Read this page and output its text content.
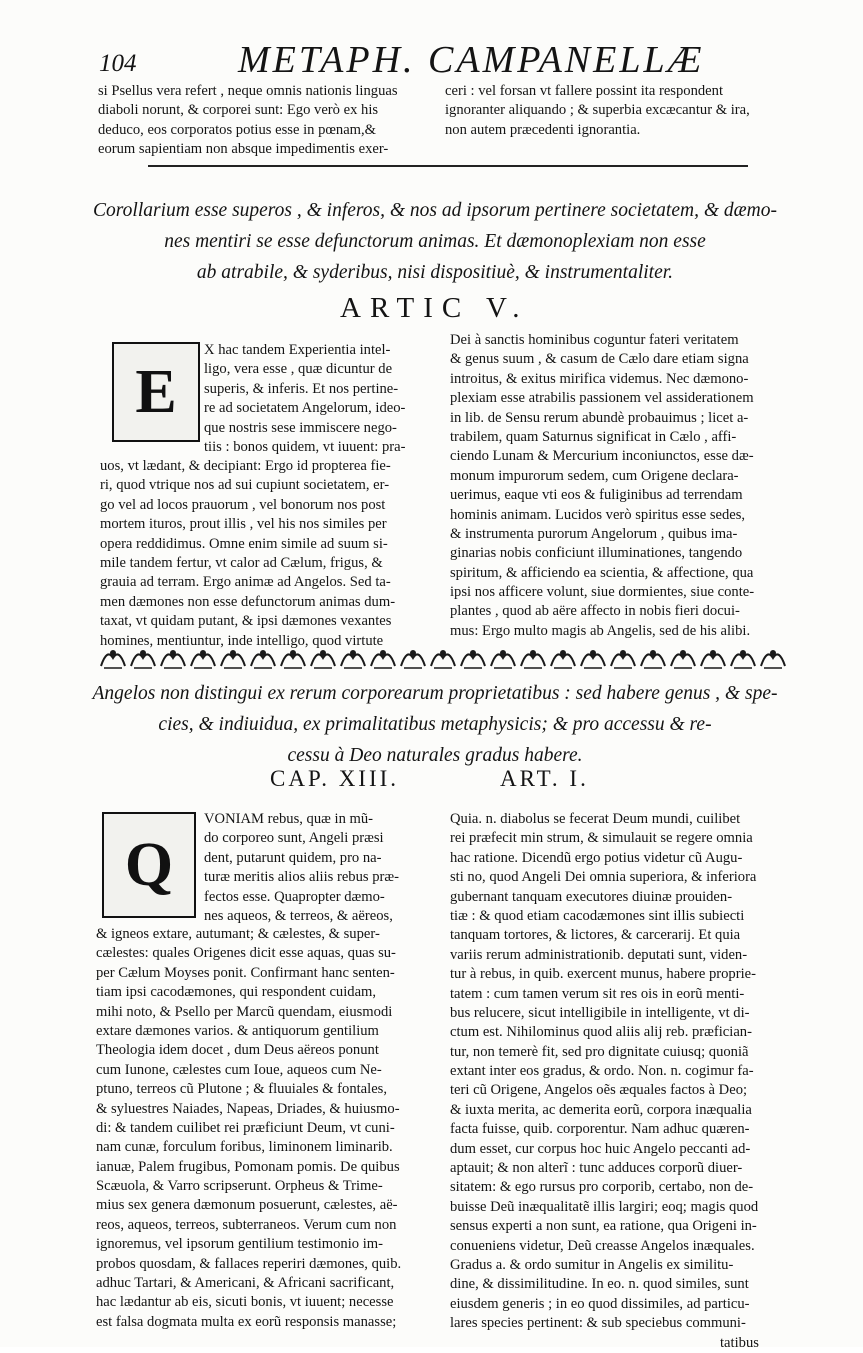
104	METAPH. CAMPANELLÆ
si Psellus vera refert , neque omnis nationis linguas
diaboli norunt, & corporei sunt: Ego verò ex his
deduco, eos corporatos potius esse in pœnam,&
eorum sapientiam non absque impedimentis exer-
ceri : vel forsan vt fallere possint ita respondent
ignoranter aliquando ; & superbia excæcantur & ira,
non autem præcedenti ignorantia.
Corollarium esse superos , & inferos, & nos ad ipsorum pertinere societatem, & dæmo-
nes mentiri se esse defunctorum animas. Et dæmonoplexiam non esse
ab atrabile, & syderibus, nisi dispositiuè, & instrumentaliter.
ARTIC V.
E
X hac tandem Experientia intel-
ligo, vera esse , quæ dicuntur de
superis, & inferis. Et nos pertine-
re ad societatem Angelorum, ideo-
que nostris sese immiscere nego-
tiis : bonos quidem, vt iuuent: pra-
uos, vt lædant, & decipiant: Ergo id propterea fie-
ri, quod vtrique nos ad sui cupiunt societatem, er-
go vel ad locos prauorum , vel bonorum nos post
mortem ituros, prout illis , vel his nos similes per
opera reddidimus. Omne enim simile ad suum si-
mile tandem fertur, vt calor ad Cælum, frigus, &
grauia ad terram. Ergo animæ ad Angelos. Sed ta-
men dæmones non esse defunctorum animas dum-
taxat, vt quidam putant, & ipsi dæmones vexantes
homines, mentiuntur, inde intelligo, quod virtute
Dei à sanctis hominibus coguntur fateri veritatem
& genus suum , & casum de Cælo dare etiam signa
introitus, & exitus mirifica videmus. Nec dæmono-
plexiam esse atrabilis passionem vel assiderationem
in lib. de Sensu rerum abundè probauimus ; licet a-
trabilem, quam Saturnus significat in Cælo , affi-
ciendo Lunam & Mercurium inconiunctos, esse dæ-
monum impurorum sedem, cum Origene declara-
uerimus, eaque vti eos & fuliginibus ad terrendam
hominis animam. Lucidos verò spiritus esse sedes,
& instrumenta purorum Angelorum , quibus ima-
ginarias nobis conficiunt illuminationes, tangendo
spiritum, & afficiendo ea scientia, & affectione, qua
ipsi nos afficere volunt, siue dormientes, siue conte-
plantes , quod ab aëre affecto in nobis fieri docui-
mus: Ergo multo magis ab Angelis, sed de his alibi.
Angelos non distingui ex rerum corporearum proprietatibus : sed habere genus , & spe-
cies, & indiuidua, ex primalitatibus metaphysicis; & pro accessu & re-
cessu à Deo naturales gradus habere.
CAP. XIII.	ART. I.
Q
VONIAM rebus, quæ in mũ-
do corporeo sunt, Angeli præsi
dent, putarunt quidem, pro na-
turæ meritis alios aliis rebus præ-
fectos esse. Quapropter dæmo-
nes aqueos, & terreos, & aëreos,
& igneos extare, autumant; & cælestes, & super-
cælestes: quales Origenes dicit esse aquas, quas su-
per Cælum Moyses ponit. Confirmant hanc senten-
tiam ipsi cacodæmones, qui respondent cuidam,
mihi noto, & Psello per Marcũ quendam, eiusmodi
extare dæmones varios. & antiquorum gentilium
Theologia idem docet , dum Deus aëreos ponunt
cum Iunone, cælestes cum Ioue, aqueos cum Ne-
ptuno, terreos cũ Plutone ; & fluuiales & fontales,
& syluestres Naiades, Napeas, Driades, & huiusmo-
di: & tandem cuilibet rei præficiunt Deum, vt cuni-
nam cunæ, forculum foribus, liminonem liminarib.
ianuæ, Palem frugibus, Pomonam pomis. De quibus
Scæuola, & Varro scripserunt. Orpheus & Trime-
mius sex genera dæmonum posuerunt, cælestes, aë-
reos, aqueos, terreos, subterraneos. Verum cum non
ignoremus, vel ipsorum gentilium testimonio im-
probos quosdam, & fallaces reperiri dæmones, quib.
adhuc Tartari, & Americani, & Africani sacrificant,
hac lædantur ab eis, sicuti bonis, vt iuuent; necesse
est falsa dogmata multa ex eorũ responsis manasse;
Quia. n. diabolus se fecerat Deum mundi, cuilibet
rei præfecit min strum, & simulauit se regere omnia
hac ratione. Dicendũ ergo potius videtur cũ Augu-
sti no, quod Angeli Dei omnia superiora, & inferiora
gubernant tanquam executores diuinæ prouiden-
tiæ : & quod etiam cacodæmones sint illis subiecti
tanquam tortores, & lictores, & carcerarij. Et quia
variis rerum administrationib. deputati sunt, viden-
tur à rebus, in quib. exercent munus, habere proprie-
tatem : cum tamen verum sit res ois in eorũ menti-
bus relucere, sicut intelligibile in intelligente, vt di-
ctum est. Nihilominus quod aliis alij reb. præfician-
tur, non temerè fit, sed pro dignitate cuiusq; quoniã
extant inter eos gradus, & ordo. Non. n. cogimur fa-
teri cũ Origene, Angelos oẽs æquales factos à Deo;
& iuxta merita, ac demerita eorũ, corpora inæqualia
facta fuisse, quib. corporentur. Nam adhuc quæren-
dum esset, cur corpus hoc huic Angelo peccanti ad-
aptauit; & non alterĩ : tunc adduces corporũ diuer-
sitatem: & ego rursus pro corporib, certabo, non de-
buisse Deũ inæqualitatẽ illis largiri; eoq; magis quod
sensus experti a non sunt, ea ratione, qua Origeni in-
conueniens videtur, Deũ creasse Angelos inæquales.
Gradus a. & ordo sumitur in Angelis ex similitu-
dine, & dissimilitudine. In eo. n. quod similes, sunt
eiusdem generis ; in eo quod dissimiles, ad particu-
lares species pertinent: & sub speciebus communi-
tatibus
